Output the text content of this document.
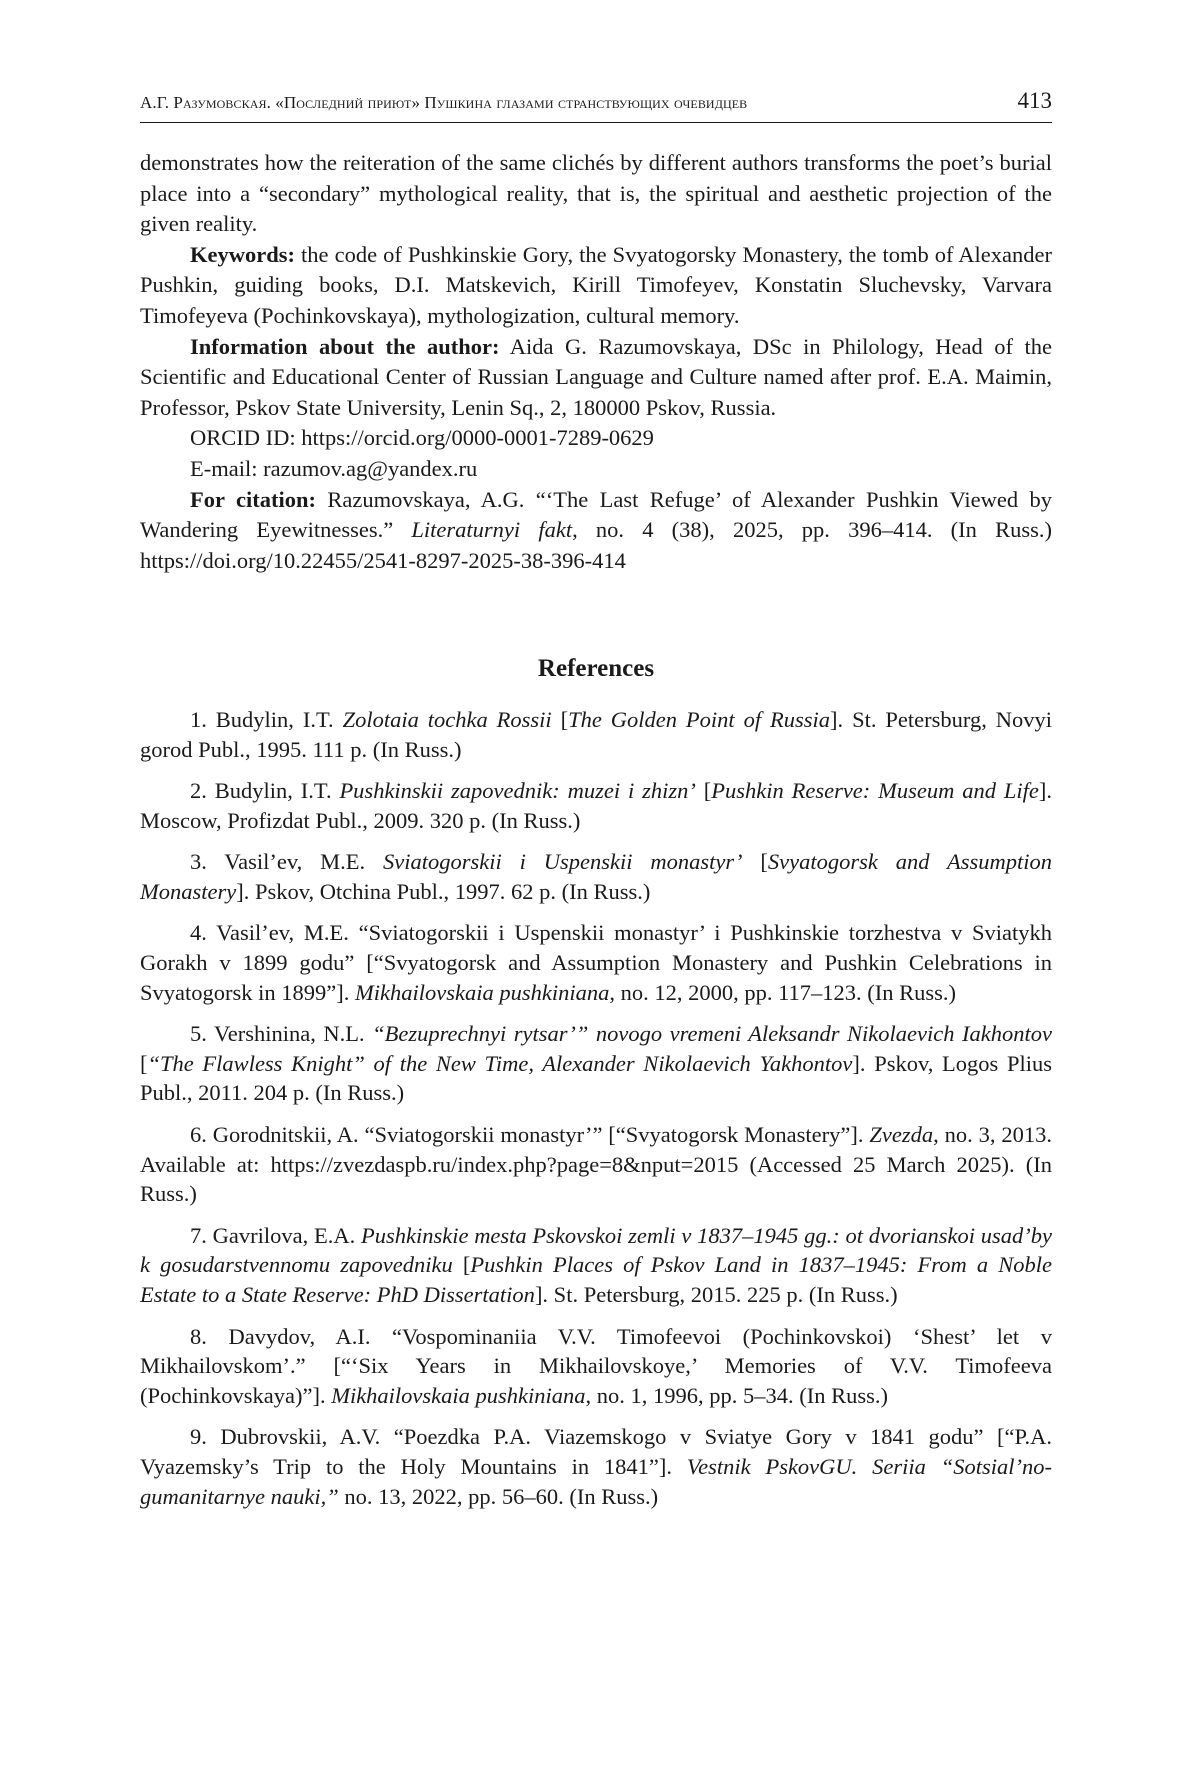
А.Г. Разумовская. «Последний приют» Пушкина глазами странствующих очевидцев	413

demonstrates how the reiteration of the same clichés by different authors transforms the poet’s burial place into a “secondary” mythological reality, that is, the spiritual and aesthetic projection of the given reality.

Keywords: the code of Pushkinskie Gory, the Svyatogorsky Monastery, the tomb of Alexander Pushkin, guiding books, D.I. Matskevich, Kirill Timofeyev, Konstatin Sluchevsky, Varvara Timofeyeva (Pochinkovskaya), mythologization, cultural memory.

Information about the author: Aida G. Razumovskaya, DSc in Philology, Head of the Scientific and Educational Center of Russian Language and Culture named after prof. E.A. Maimin, Professor, Pskov State University, Lenin Sq., 2, 180000 Pskov, Russia.

ORCID ID: https://orcid.org/0000-0001-7289-0629

E-mail: razumov.ag@yandex.ru

For citation: Razumovskaya, A.G. “‘The Last Refuge’ of Alexander Pushkin Viewed by Wandering Eyewitnesses.” Literaturnyi fakt, no. 4 (38), 2025, pp. 396–414. (In Russ.) https://doi.org/10.22455/2541-8297-2025-38-396-414

References

1. Budylin, I.T. Zolotaia tochka Rossii [The Golden Point of Russia]. St. Petersburg, Novyi gorod Publ., 1995. 111 p. (In Russ.)

2. Budylin, I.T. Pushkinskii zapovednik: muzei i zhizn’ [Pushkin Reserve: Museum and Life]. Moscow, Profizdat Publ., 2009. 320 p. (In Russ.)

3. Vasil’ev, M.E. Sviatogorskii i Uspenskii monastyr’ [Svyatogorsk and Assumption Monastery]. Pskov, Otchina Publ., 1997. 62 p. (In Russ.)

4. Vasil’ev, M.E. “Sviatogorskii i Uspenskii monastyr’ i Pushkinskie torzhestva v Sviatykh Gorakh v 1899 godu” [“Svyatogorsk and Assumption Monastery and Pushkin Celebrations in Svyatogorsk in 1899”]. Mikhailovskaia pushkiniana, no. 12, 2000, pp. 117–123. (In Russ.)

5. Vershinina, N.L. “Bezuprechnyi rytsar’” novogo vremeni Aleksandr Nikolaevich Iakhontov [“The Flawless Knight” of the New Time, Alexander Nikolaevich Yakhontov]. Pskov, Logos Plius Publ., 2011. 204 p. (In Russ.)

6. Gorodnitskii, A. “Sviatogorskii monastyr’” [“Svyatogorsk Monastery”]. Zvezda, no. 3, 2013. Available at: https://zvezdaspb.ru/index.php?page=8&nput=2015 (Accessed 25 March 2025). (In Russ.)

7. Gavrilova, E.A. Pushkinskie mesta Pskovskoi zemli v 1837–1945 gg.: ot dvorianskoi usad’by k gosudarstvennomu zapovedniku [Pushkin Places of Pskov Land in 1837–1945: From a Noble Estate to a State Reserve: PhD Dissertation]. St. Petersburg, 2015. 225 p. (In Russ.)

8. Davydov, A.I. “Vospominaniia V.V. Timofeevoi (Pochinkovskoi) ‘Shest’ let v Mikhailovskom’.” [“‘Six Years in Mikhailovskoye,’ Memories of V.V. Timofeeva (Pochinkovskaya)”]. Mikhailovskaia pushkiniana, no. 1, 1996, pp. 5–34. (In Russ.)

9. Dubrovskii, A.V. “Poezdka P.A. Viazemskogo v Sviatye Gory v 1841 godu” [“P.A. Vyazemsky’s Trip to the Holy Mountains in 1841”]. Vestnik PskovGU. Seriia “Sotsial’no-gumanitarnye nauki,” no. 13, 2022, pp. 56–60. (In Russ.)
